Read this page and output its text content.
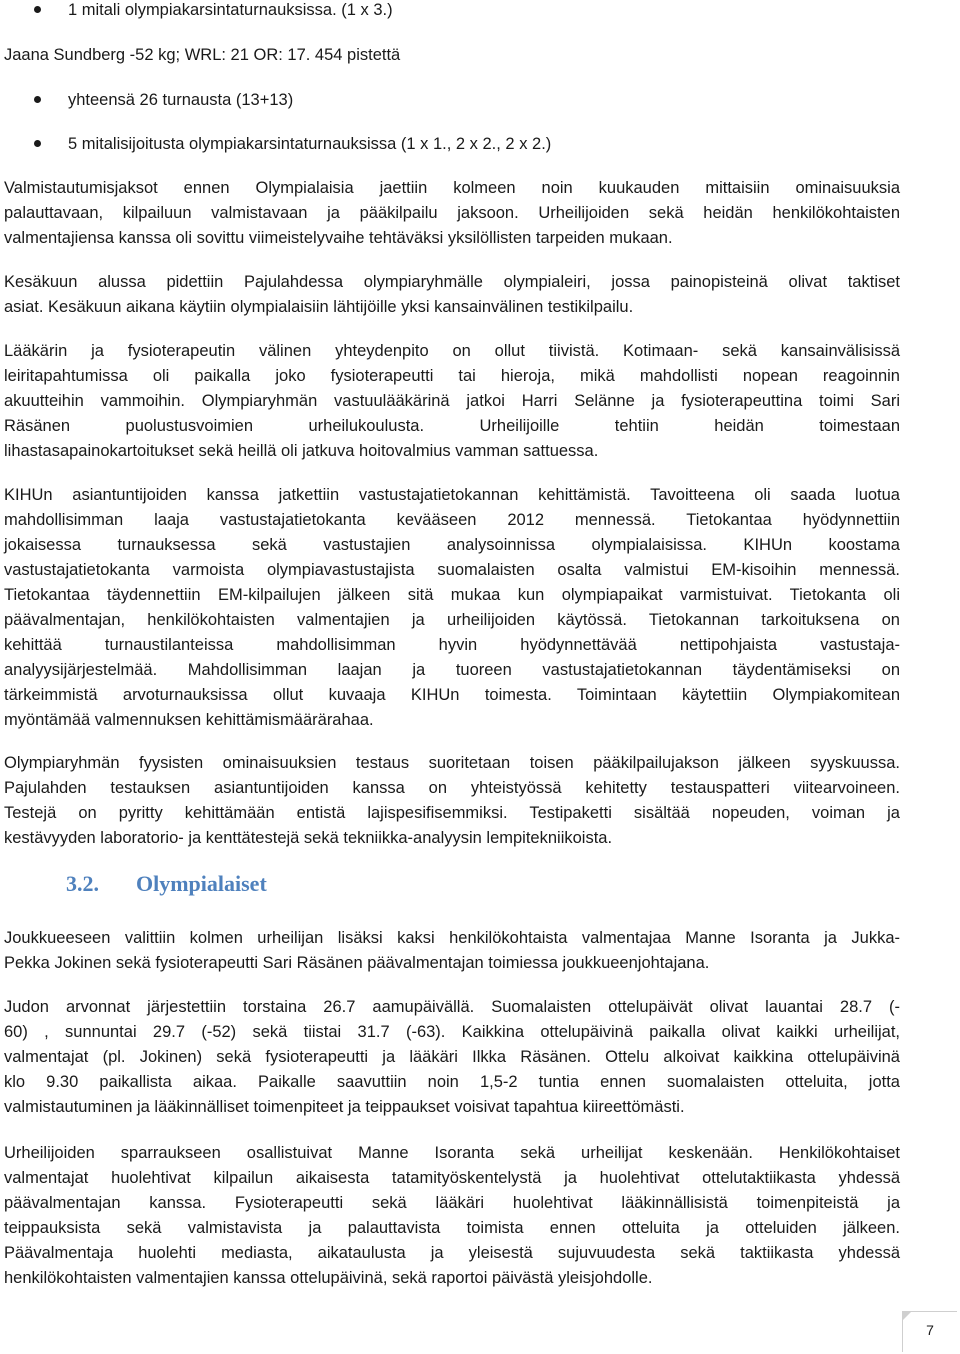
1 mitali olympiakarsintaturnauksissa. (1 x 3.)
Jaana Sundberg -52 kg; WRL: 21 OR: 17. 454 pistettä
yhteensä 26 turnausta (13+13)
5 mitalisijoitusta olympiakarsintaturnauksissa (1 x 1., 2 x 2., 2 x 2.)
Valmistautumisjaksot ennen Olympialaisia jaettiin kolmeen noin kuukauden mittaisiin ominaisuuksia
palauttavaan, kilpailuun valmistavaan ja pääkilpailu jaksoon. Urheilijoiden sekä heidän henkilökohtaisten
valmentajiensa kanssa oli sovittu viimeistelyvaihe tehtäväksi yksilöllisten tarpeiden mukaan.
Kesäkuun alussa pidettiin Pajulahdessa olympiaryhmälle olympialeiri, jossa painopisteinä olivat taktiset
asiat. Kesäkuun aikana käytiin olympialaisiin lähtijöille yksi kansainvälinen testikilpailu.
Lääkärin ja fysioterapeutin välinen yhteydenpito on ollut tiivistä. Kotimaan- sekä kansainvälisissä
leiritapahtumissa oli paikalla joko fysioterapeutti tai hieroja, mikä mahdollisti nopean reagoinnin
akuutteihin vammoihin. Olympiaryhmän vastuulääkärinä jatkoi Harri Selänne ja fysioterapeuttina toimi Sari
Räsänen puolustusvoimien urheilukoulusta. Urheilijoille tehtiin heidän toimestaan
lihastasapainokartoitukset sekä heillä oli jatkuva hoitovalmius vamman sattuessa.
KIHUn asiantuntijoiden kanssa jatkettiin vastustajatietokannan kehittämistä. Tavoitteena oli saada luotua
mahdollisimman laaja vastustajatietokanta kevääseen 2012 mennessä. Tietokantaa hyödynnettiin
jokaisessa turnauksessa sekä vastustajien analysoinnissa olympialaisissa. KIHUn koostama
vastustajatietokanta varmoista olympiavastustajista suomalaisten osalta valmistui EM-kisoihin mennessä.
Tietokantaa täydennettiin EM-kilpailujen jälkeen sitä mukaa kun olympiapaikat varmistuivat. Tietokanta oli
päävalmentajan, henkilökohtaisten valmentajien ja urheilijoiden käytössä. Tietokannan tarkoituksena on
kehittää turnaustilanteissa mahdollisimman hyvin hyödynnettävää nettipohjaista vastustaja-
analyysijärjestelmää. Mahdollisimman laajan ja tuoreen vastustajatietokannan täydentämiseksi on
tärkeimmistä arvoturnauksissa ollut kuvaaja KIHUn toimesta. Toimintaan käytettiin Olympiakomitean
myöntämää valmennuksen kehittämismäärärahaa.
Olympiaryhmän fyysisten ominaisuuksien testaus suoritetaan toisen pääkilpailujakson jälkeen syyskuussa.
Pajulahden testauksen asiantuntijoiden kanssa on yhteistyössä kehitetty testauspatteri viitearvoineen.
Testejä on pyritty kehittämään entistä lajispesifisemmiksi. Testipaketti sisältää nopeuden, voiman ja
kestävyyden laboratorio- ja kenttätestejä sekä tekniikka-analyysin lempitekniikoista.
3.2. Olympialaiset
Joukkueeseen valittiin kolmen urheilijan lisäksi kaksi henkilökohtaista valmentajaa Manne Isoranta ja Jukka-
Pekka Jokinen sekä fysioterapeutti Sari Räsänen päävalmentajan toimiessa joukkueenjohtajana.
Judon arvonnat järjestettiin torstaina 26.7 aamupäivällä. Suomalaisten ottelupäivät olivat lauantai 28.7 (-
60) , sunnuntai 29.7 (-52) sekä tiistai 31.7 (-63). Kaikkina ottelupäivinä paikalla olivat kaikki urheilijat,
valmentajat (pl. Jokinen) sekä fysioterapeutti ja lääkäri Ilkka Räsänen. Ottelu alkoivat kaikkina ottelupäivinä
klo 9.30 paikallista aikaa. Paikalle saavuttiin noin 1,5-2 tuntia ennen suomalaisten otteluita, jotta
valmistautuminen ja lääkinnälliset toimenpiteet ja teippaukset voisivat tapahtua kiireettömästi.
Urheilijoiden sparraukseen osallistuivat Manne Isoranta sekä urheilijat keskenään. Henkilökohtaiset
valmentajat huolehtivat kilpailun aikaisesta tatamityöskentelystä ja huolehtivat ottelutaktiikasta yhdessä
päävalmentajan kanssa. Fysioterapeutti sekä lääkäri huolehtivat lääkinnällisistä toimenpiteistä ja
teippauksista sekä valmistavista ja palauttavista toimista ennen otteluita ja otteluiden jälkeen.
Päävalmentaja huolehti mediasta, aikataulusta ja yleisestä sujuvuudesta sekä taktiikasta yhdessä
henkilökohtaisten valmentajien kanssa ottelupäivinä, sekä raportoi päivästä yleisjohdolle.
7
